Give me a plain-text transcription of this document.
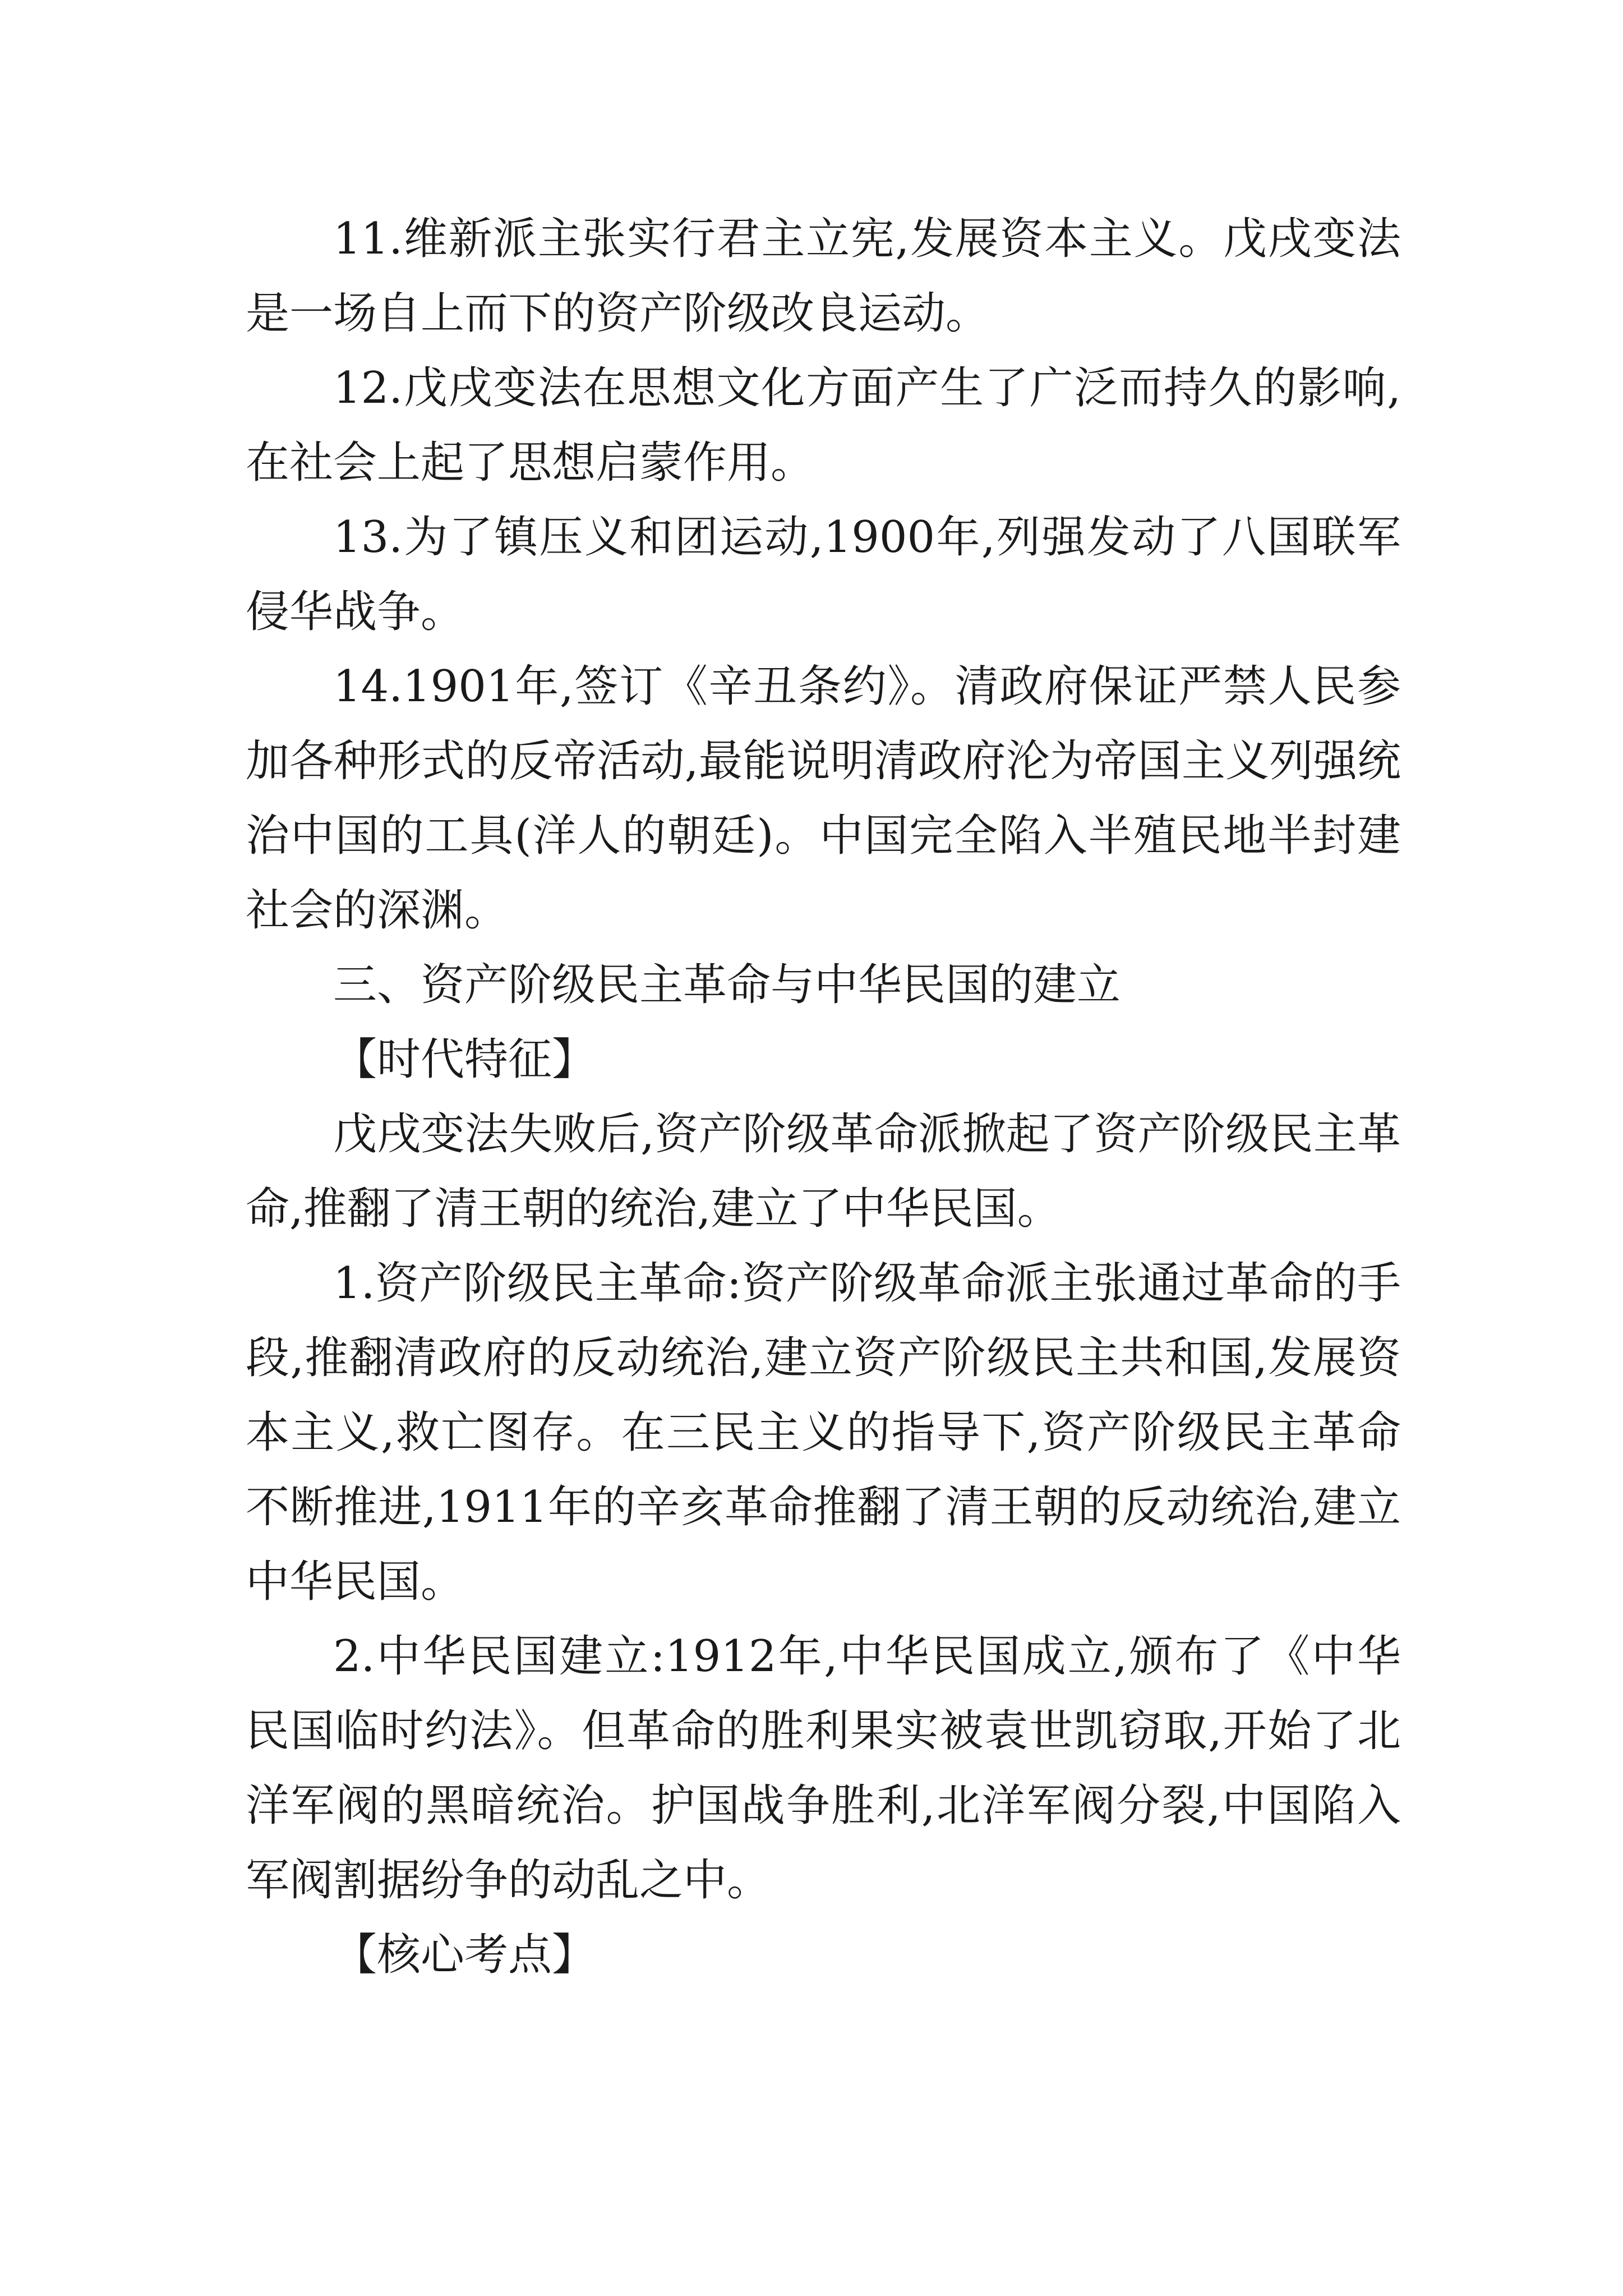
11.维新派主张实行君主立宪,发展资本主义。戊戌变法是一场自上而下的资产阶级改良运动。

12.戊戌变法在思想文化方面产生了广泛而持久的影响,在社会上起了思想启蒙作用。

13.为了镇压义和团运动,1900年,列强发动了八国联军侵华战争。

14.1901年,签订《辛丑条约》。清政府保证严禁人民参加各种形式的反帝活动,最能说明清政府沦为帝国主义列强统治中国的工具(洋人的朝廷)。中国完全陷入半殖民地半封建社会的深渊。

三、资产阶级民主革命与中华民国的建立

【时代特征】

戊戌变法失败后,资产阶级革命派掀起了资产阶级民主革命,推翻了清王朝的统治,建立了中华民国。

1.资产阶级民主革命:资产阶级革命派主张通过革命的手段,推翻清政府的反动统治,建立资产阶级民主共和国,发展资本主义,救亡图存。在三民主义的指导下,资产阶级民主革命不断推进,1911年的辛亥革命推翻了清王朝的反动统治,建立中华民国。

2.中华民国建立:1912年,中华民国成立,颁布了《中华民国临时约法》。但革命的胜利果实被袁世凯窃取,开始了北洋军阀的黑暗统治。护国战争胜利,北洋军阀分裂,中国陷入军阀割据纷争的动乱之中。

【核心考点】
